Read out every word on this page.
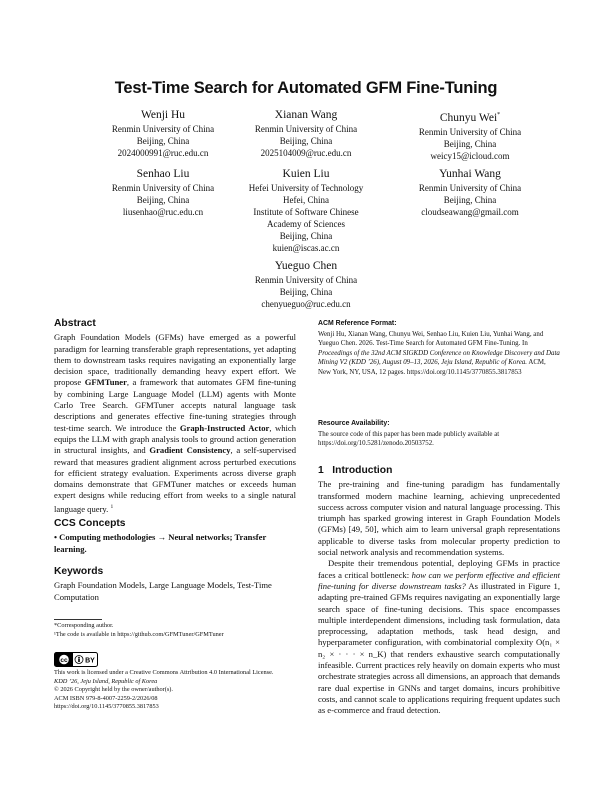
Test-Time Search for Automated GFM Fine-Tuning
Wenji Hu
Renmin University of China
Beijing, China
2024000991@ruc.edu.cn
Xianan Wang
Renmin University of China
Beijing, China
2025104009@ruc.edu.cn
Chunyu Wei*
Renmin University of China
Beijing, China
weicy15@icloud.com
Senhao Liu
Renmin University of China
Beijing, China
liusenhao@ruc.edu.cn
Kuien Liu
Hefei University of Technology
Hefei, China
Institute of Software Chinese
Academy of Sciences
Beijing, China
kuien@iscas.ac.cn
Yunhai Wang
Renmin University of China
Beijing, China
cloudseawang@gmail.com
Yueguo Chen
Renmin University of China
Beijing, China
chenyueguo@ruc.edu.cn
Abstract

Graph Foundation Models (GFMs) have emerged as a powerful paradigm for learning transferable graph representations, yet adapting them to downstream tasks requires navigating an exponentially large decision space, traditionally demanding heavy expert effort. We propose GFMTuner, a framework that automates GFM fine-tuning by combining Large Language Model (LLM) agents with Monte Carlo Tree Search. GFMTuner accepts natural language task descriptions and generates effective fine-tuning strategies through test-time search. We introduce the Graph-Instructed Actor, which equips the LLM with graph analysis tools to ground action generation in structural insights, and Gradient Consistency, a self-supervised reward that measures gradient alignment across perturbed executions for efficient strategy evaluation. Experiments across diverse graph domains demonstrate that GFMTuner matches or exceeds human expert designs while reducing effort from weeks to a single natural language query. $^1$

CCS Concepts

• Computing methodologies → Neural networks; Transfer learning.

Keywords

Graph Foundation Models, Large Language Models, Test-Time Computation

*Corresponding author.
¹The code is available in https://github.com/GFMTuner/GFMTuner
cc	BY
This work is licensed under a Creative Commons Attribution 4.0 International License.
KDD ’26, Jeju Island, Republic of Korea
© 2026 Copyright held by the owner/author(s).
ACM ISBN 979-8-4007-2259-2/2026/08
https://doi.org/10.1145/3770855.3817853
ACM Reference Format:

Wenji Hu, Xianan Wang, Chunyu Wei, Senhao Liu, Kuien Liu, Yunhai Wang, and Yueguo Chen. 2026. Test-Time Search for Automated GFM Fine-Tuning. In Proceedings of the 32nd ACM SIGKDD Conference on Knowledge Discovery and Data Mining V2 (KDD ’26), August 09–13, 2026, Jeju Island, Republic of Korea. ACM, New York, NY, USA, 12 pages. https://doi.org/10.1145/3770855.3817853

Resource Availability:

The source code of this paper has been made publicly available at https://doi.org/10.5281/zenodo.20503752.

1   Introduction

The pre-training and fine-tuning paradigm has fundamentally transformed modern machine learning, achieving unprecedented success across computer vision and natural language processing. This triumph has sparked growing interest in Graph Foundation Models (GFMs) [49, 50], which aim to learn universal graph representations applicable to diverse tasks from molecular property prediction to social network analysis and recommendation systems.

Despite their tremendous potential, deploying GFMs in practice faces a critical bottleneck: how can we perform effective and efficient fine-tuning for diverse downstream tasks? As illustrated in Figure 1, adapting pre-trained GFMs requires navigating an exponentially large search space of fine-tuning decisions. This space encompasses multiple interdependent dimensions, including task formulation, data preprocessing, adaptation methods, task head design, and hyperparameter configuration, with combinatorial complexity O(n₁ × n₂ × · · · × n_K) that renders exhaustive search computationally infeasible. Current practices rely heavily on domain experts who must orchestrate strategies across all dimensions, an approach that demands rare dual expertise in GNNs and target domains, incurs prohibitive costs, and cannot scale to applications requiring frequent updates such as e-commerce and fraud detection.
